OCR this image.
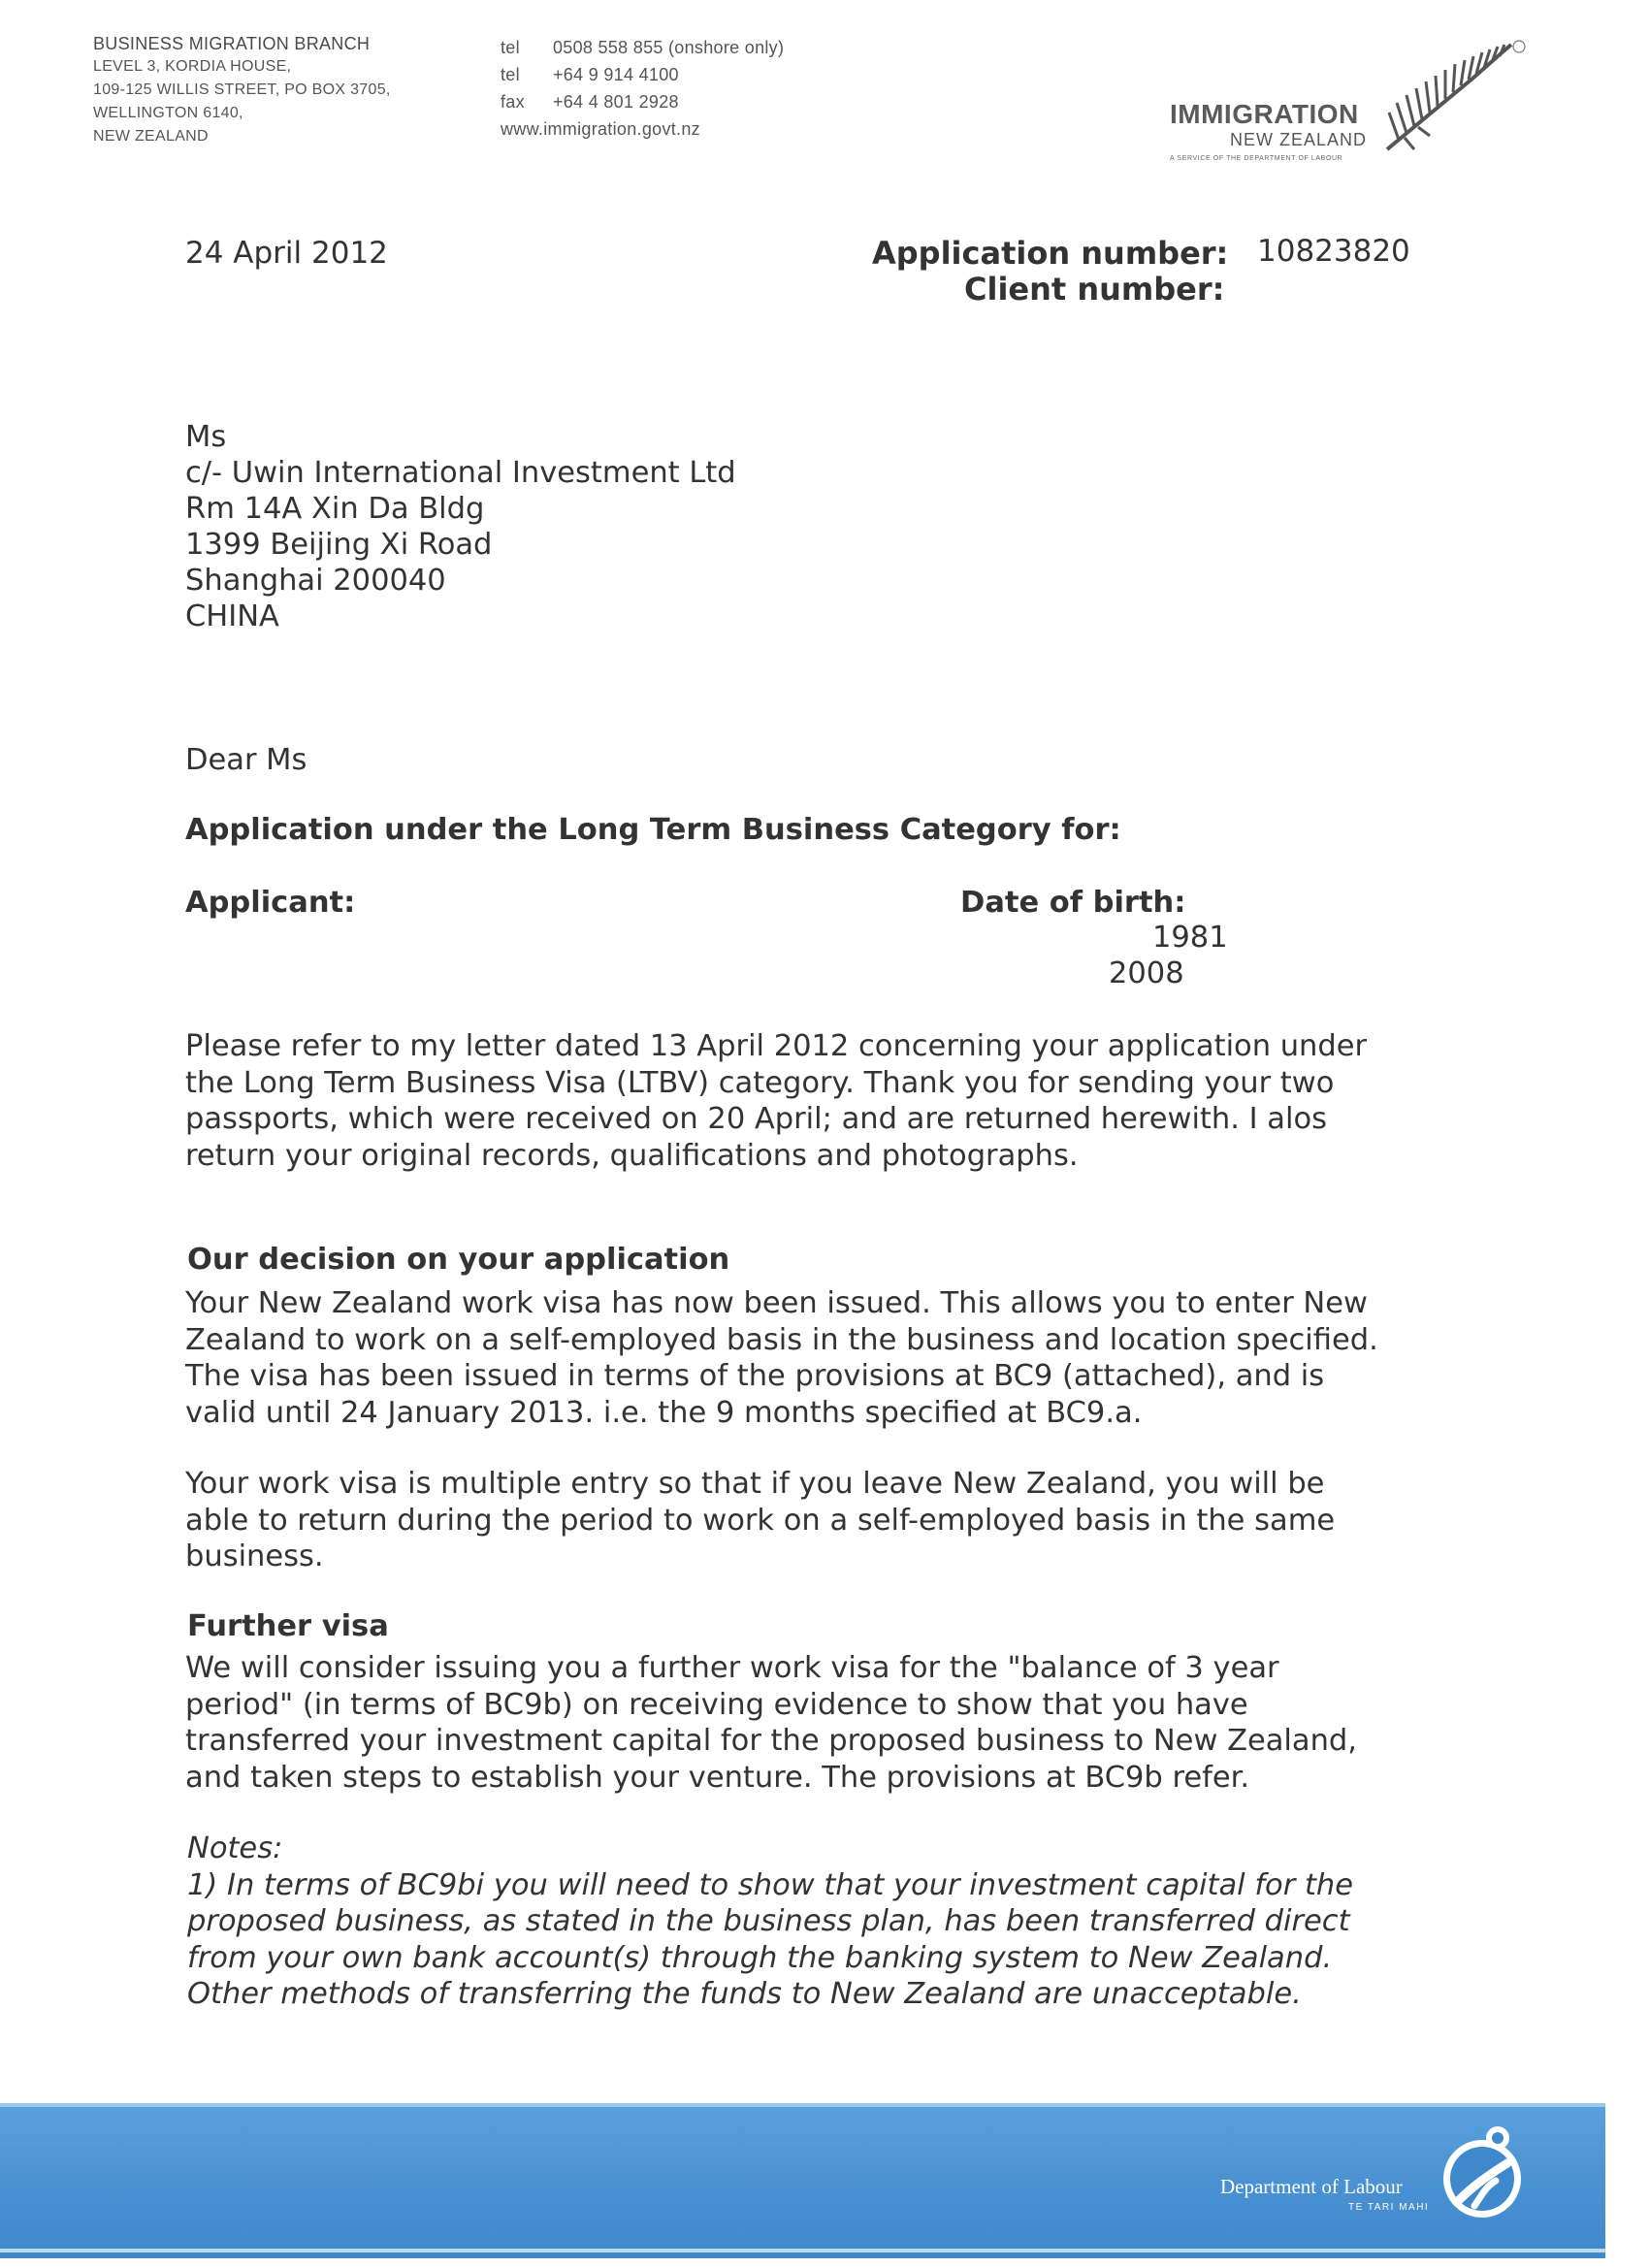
BUSINESS MIGRATION BRANCH
LEVEL 3, KORDIA HOUSE,
109-125 WILLIS STREET, PO BOX 3705,
WELLINGTON 6140,
NEW ZEALAND
tel	0508 558 855 (onshore only)
tel	+64 9 914 4100
fax	+64 4 801 2928
www.immigration.govt.nz	IMMIGRATION
NEW ZEALAND
A SERVICE OF THE DEPARTMENT OF LABOUR
24 April 2012	Application number: 10823820
Client number:
Ms
c/- Uwin International Investment Ltd
Rm 14A Xin Da Bldg
1399 Beijing Xi Road
Shanghai 200040
CHINA
Dear Ms
Application under the Long Term Business Category for:
Applicant:	Date of birth:
1981
2008
Please refer to my letter dated 13 April 2012 concerning your application under
the Long Term Business Visa (LTBV) category. Thank you for sending your two
passports, which were received on 20 April; and are returned herewith. I alos
return your original records, qualifications and photographs.
Our decision on your application
Your New Zealand work visa has now been issued. This allows you to enter New
Zealand to work on a self-employed basis in the business and location specified.
The visa has been issued in terms of the provisions at BC9 (attached), and is
valid until 24 January 2013. i.e. the 9 months specified at BC9.a.
Your work visa is multiple entry so that if you leave New Zealand, you will be
able to return during the period to work on a self-employed basis in the same
business.
Further visa
We will consider issuing you a further work visa for the "balance of 3 year
period" (in terms of BC9b) on receiving evidence to show that you have
transferred your investment capital for the proposed business to New Zealand,
and taken steps to establish your venture. The provisions at BC9b refer.
Notes:
1) In terms of BC9bi you will need to show that your investment capital for the
proposed business, as stated in the business plan, has been transferred direct
from your own bank account(s) through the banking system to New Zealand.
Other methods of transferring the funds to New Zealand are unacceptable.
Department of Labour
TE TARI MAHI
